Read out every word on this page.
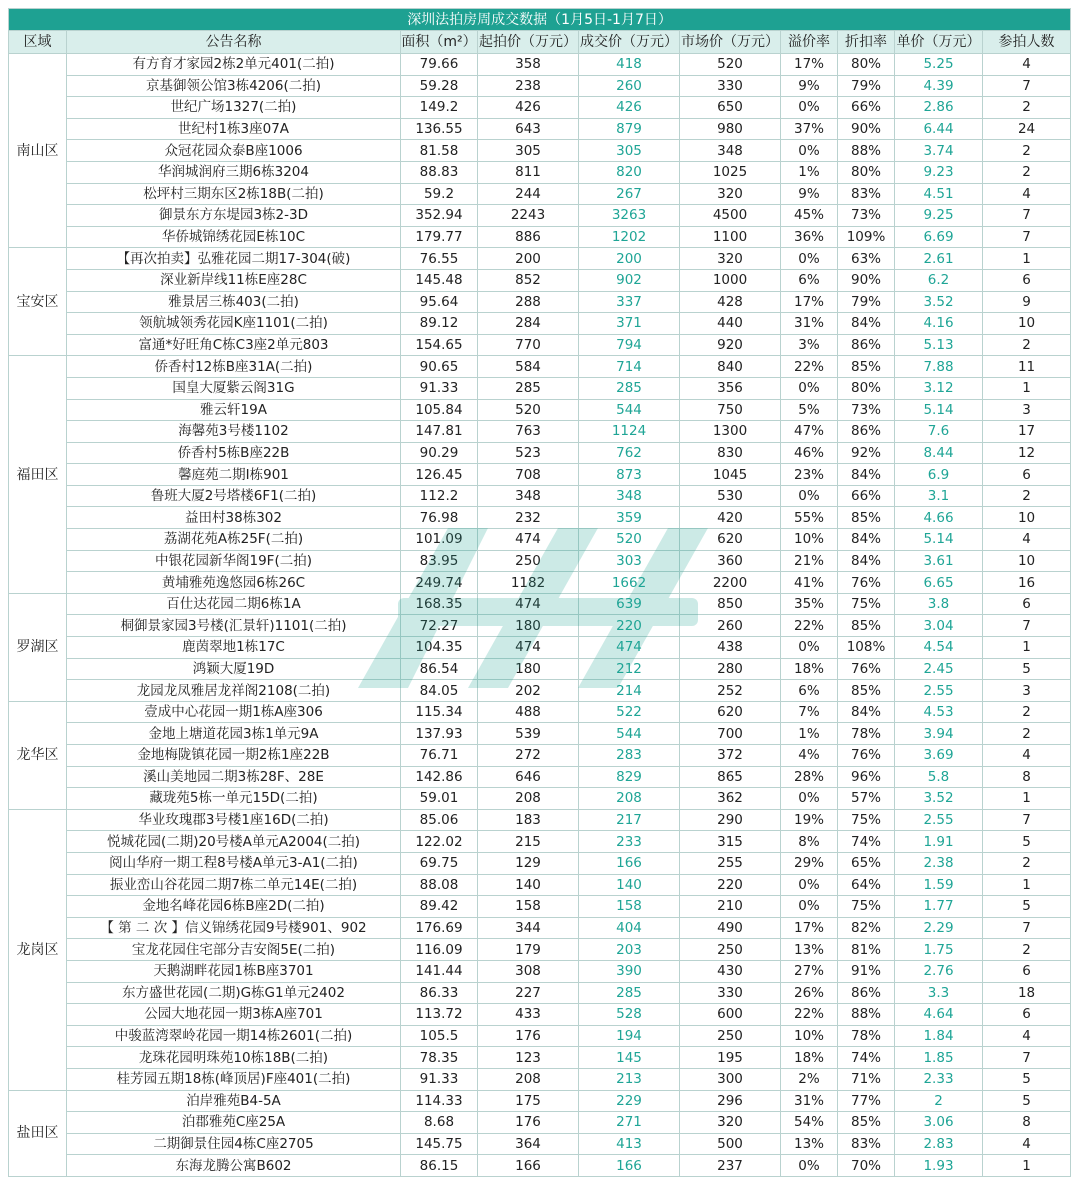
深圳法拍房周成交数据（1月5日-1月7日）									
区域	公告名称	面积（m²）	起拍价（万元）	成交价（万元）	市场价（万元）	溢价率	折扣率	单价（万元）	参拍人数
南山区	有方育才家园2栋2单元401(二拍)	79.66	358	418	520	17%	80%	5.25	4
	京基御领公馆3栋4206(二拍)	59.28	238	260	330	9%	79%	4.39	7
	世纪广场1327(二拍)	149.2	426	426	650	0%	66%	2.86	2
	世纪村1栋3座07A	136.55	643	879	980	37%	90%	6.44	24
	众冠花园众泰B座1006	81.58	305	305	348	0%	88%	3.74	2
	华润城润府三期6栋3204	88.83	811	820	1025	1%	80%	9.23	2
	松坪村三期东区2栋18B(二拍)	59.2	244	267	320	9%	83%	4.51	4
	御景东方东堤园3栋2-3D	352.94	2243	3263	4500	45%	73%	9.25	7
	华侨城锦绣花园E栋10C	179.77	886	1202	1100	36%	109%	6.69	7
宝安区	【再次拍卖】弘雅花园二期17-304(破)	76.55	200	200	320	0%	63%	2.61	1
	深业新岸线11栋E座28C	145.48	852	902	1000	6%	90%	6.2	6
	雅景居三栋403(二拍)	95.64	288	337	428	17%	79%	3.52	9
	领航城领秀花园K座1101(二拍)	89.12	284	371	440	31%	84%	4.16	10
	富通*好旺角C栋C3座2单元803	154.65	770	794	920	3%	86%	5.13	2
福田区	侨香村12栋B座31A(二拍)	90.65	584	714	840	22%	85%	7.88	11
	国皇大厦紫云阁31G	91.33	285	285	356	0%	80%	3.12	1
	雅云轩19A	105.84	520	544	750	5%	73%	5.14	3
	海馨苑3号楼1102	147.81	763	1124	1300	47%	86%	7.6	17
	侨香村5栋B座22B	90.29	523	762	830	46%	92%	8.44	12
	馨庭苑二期I栋901	126.45	708	873	1045	23%	84%	6.9	6
	鲁班大厦2号塔楼6F1(二拍)	112.2	348	348	530	0%	66%	3.1	2
	益田村38栋302	76.98	232	359	420	55%	85%	4.66	10
	荔湖花苑A栋25F(二拍)	101.09	474	520	620	10%	84%	5.14	4
	中银花园新华阁19F(二拍)	83.95	250	303	360	21%	84%	3.61	10
	黄埔雅苑逸悠园6栋26C	249.74	1182	1662	2200	41%	76%	6.65	16
罗湖区	百仕达花园二期6栋1A	168.35	474	639	850	35%	75%	3.8	6
	桐御景家园3号楼(汇景轩)1101(二拍)	72.27	180	220	260	22%	85%	3.04	7
	鹿茵翠地1栋17C	104.35	474	474	438	0%	108%	4.54	1
	鸿颖大厦19D	86.54	180	212	280	18%	76%	2.45	5
	龙园龙凤雅居龙祥阁2108(二拍)	84.05	202	214	252	6%	85%	2.55	3
龙华区	壹成中心花园一期1栋A座306	115.34	488	522	620	7%	84%	4.53	2
	金地上塘道花园3栋1单元9A	137.93	539	544	700	1%	78%	3.94	2
	金地梅陇镇花园一期2栋1座22B	76.71	272	283	372	4%	76%	3.69	4
	溪山美地园二期3栋28F、28E	142.86	646	829	865	28%	96%	5.8	8
	藏珑苑5栋一单元15D(二拍)	59.01	208	208	362	0%	57%	3.52	1
龙岗区	华业玫瑰郡3号楼1座16D(二拍)	85.06	183	217	290	19%	75%	2.55	7
	悦城花园(二期)20号楼A单元A2004(二拍)	122.02	215	233	315	8%	74%	1.91	5
	阅山华府一期工程8号楼A单元3-A1(二拍)	69.75	129	166	255	29%	65%	2.38	2
	振业峦山谷花园二期7栋二单元14E(二拍)	88.08	140	140	220	0%	64%	1.59	1
	金地名峰花园6栋B座2D(二拍)	89.42	158	158	210	0%	75%	1.77	5
	【 第 二 次 】信义锦绣花园9号楼901、902	176.69	344	404	490	17%	82%	2.29	7
	宝龙花园住宅部分吉安阁5E(二拍)	116.09	179	203	250	13%	81%	1.75	2
	天鹅湖畔花园1栋B座3701	141.44	308	390	430	27%	91%	2.76	6
	东方盛世花园(二期)G栋G1单元2402	86.33	227	285	330	26%	86%	3.3	18
	公园大地花园一期3栋A座701	113.72	433	528	600	22%	88%	4.64	6
	中骏蓝湾翠岭花园一期14栋2601(二拍)	105.5	176	194	250	10%	78%	1.84	4
	龙珠花园明珠苑10栋18B(二拍)	78.35	123	145	195	18%	74%	1.85	7
	桂芳园五期18栋(峰顶居)F座401(二拍)	91.33	208	213	300	2%	71%	2.33	5
盐田区	泊岸雅苑B4-5A	114.33	175	229	296	31%	77%	2	5
	泊郡雅苑C座25A	8.68	176	271	320	54%	85%	3.06	8
	二期御景住园4栋C座2705	145.75	364	413	500	13%	83%	2.83	4
	东海龙腾公寓B602	86.15	166	166	237	0%	70%	1.93	1
